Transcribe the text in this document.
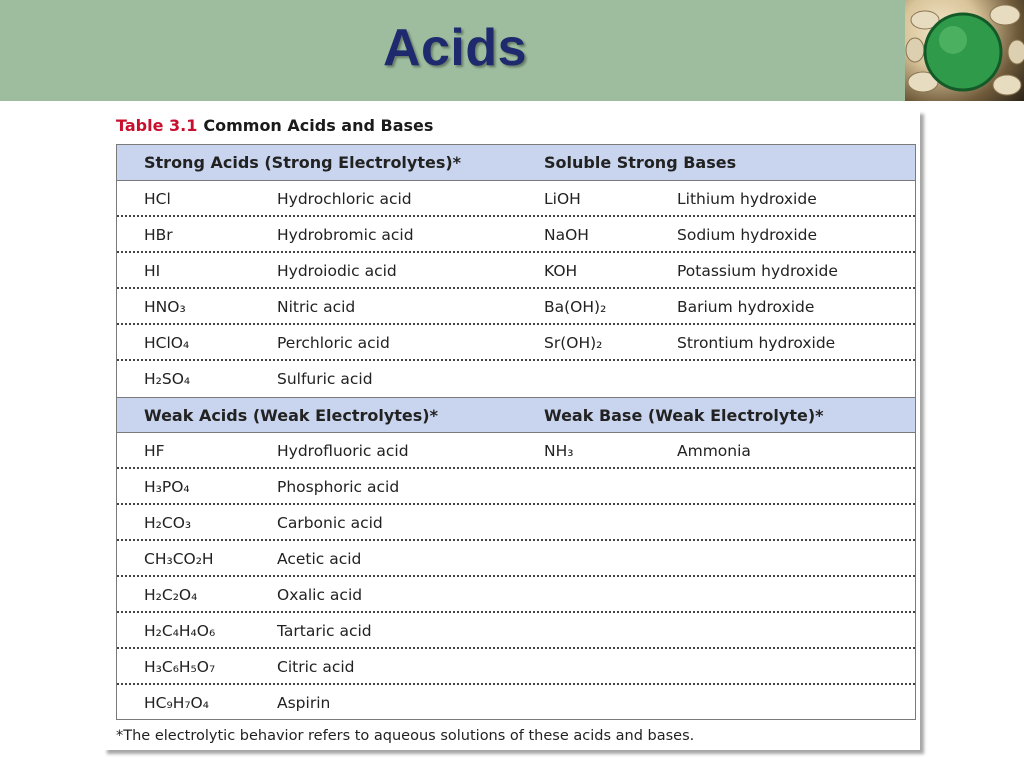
Acids
Table 3.1 Common Acids and Bases
Strong Acids (Strong Electrolytes)*	Soluble Strong Bases
HCl	Hydrochloric acid	LiOH	Lithium hydroxide
HBr	Hydrobromic acid	NaOH	Sodium hydroxide
HI	Hydroiodic acid	KOH	Potassium hydroxide
HNO₃	Nitric acid	Ba(OH)₂	Barium hydroxide
HClO₄	Perchloric acid	Sr(OH)₂	Strontium hydroxide
H₂SO₄	Sulfuric acid
Weak Acids (Weak Electrolytes)*	Weak Base (Weak Electrolyte)*
HF	Hydrofluoric acid	NH₃	Ammonia
H₃PO₄	Phosphoric acid
H₂CO₃	Carbonic acid
CH₃CO₂H	Acetic acid
H₂C₂O₄	Oxalic acid
H₂C₄H₄O₆	Tartaric acid
H₃C₆H₅O₇	Citric acid
HC₉H₇O₄	Aspirin
*The electrolytic behavior refers to aqueous solutions of these acids and bases.
